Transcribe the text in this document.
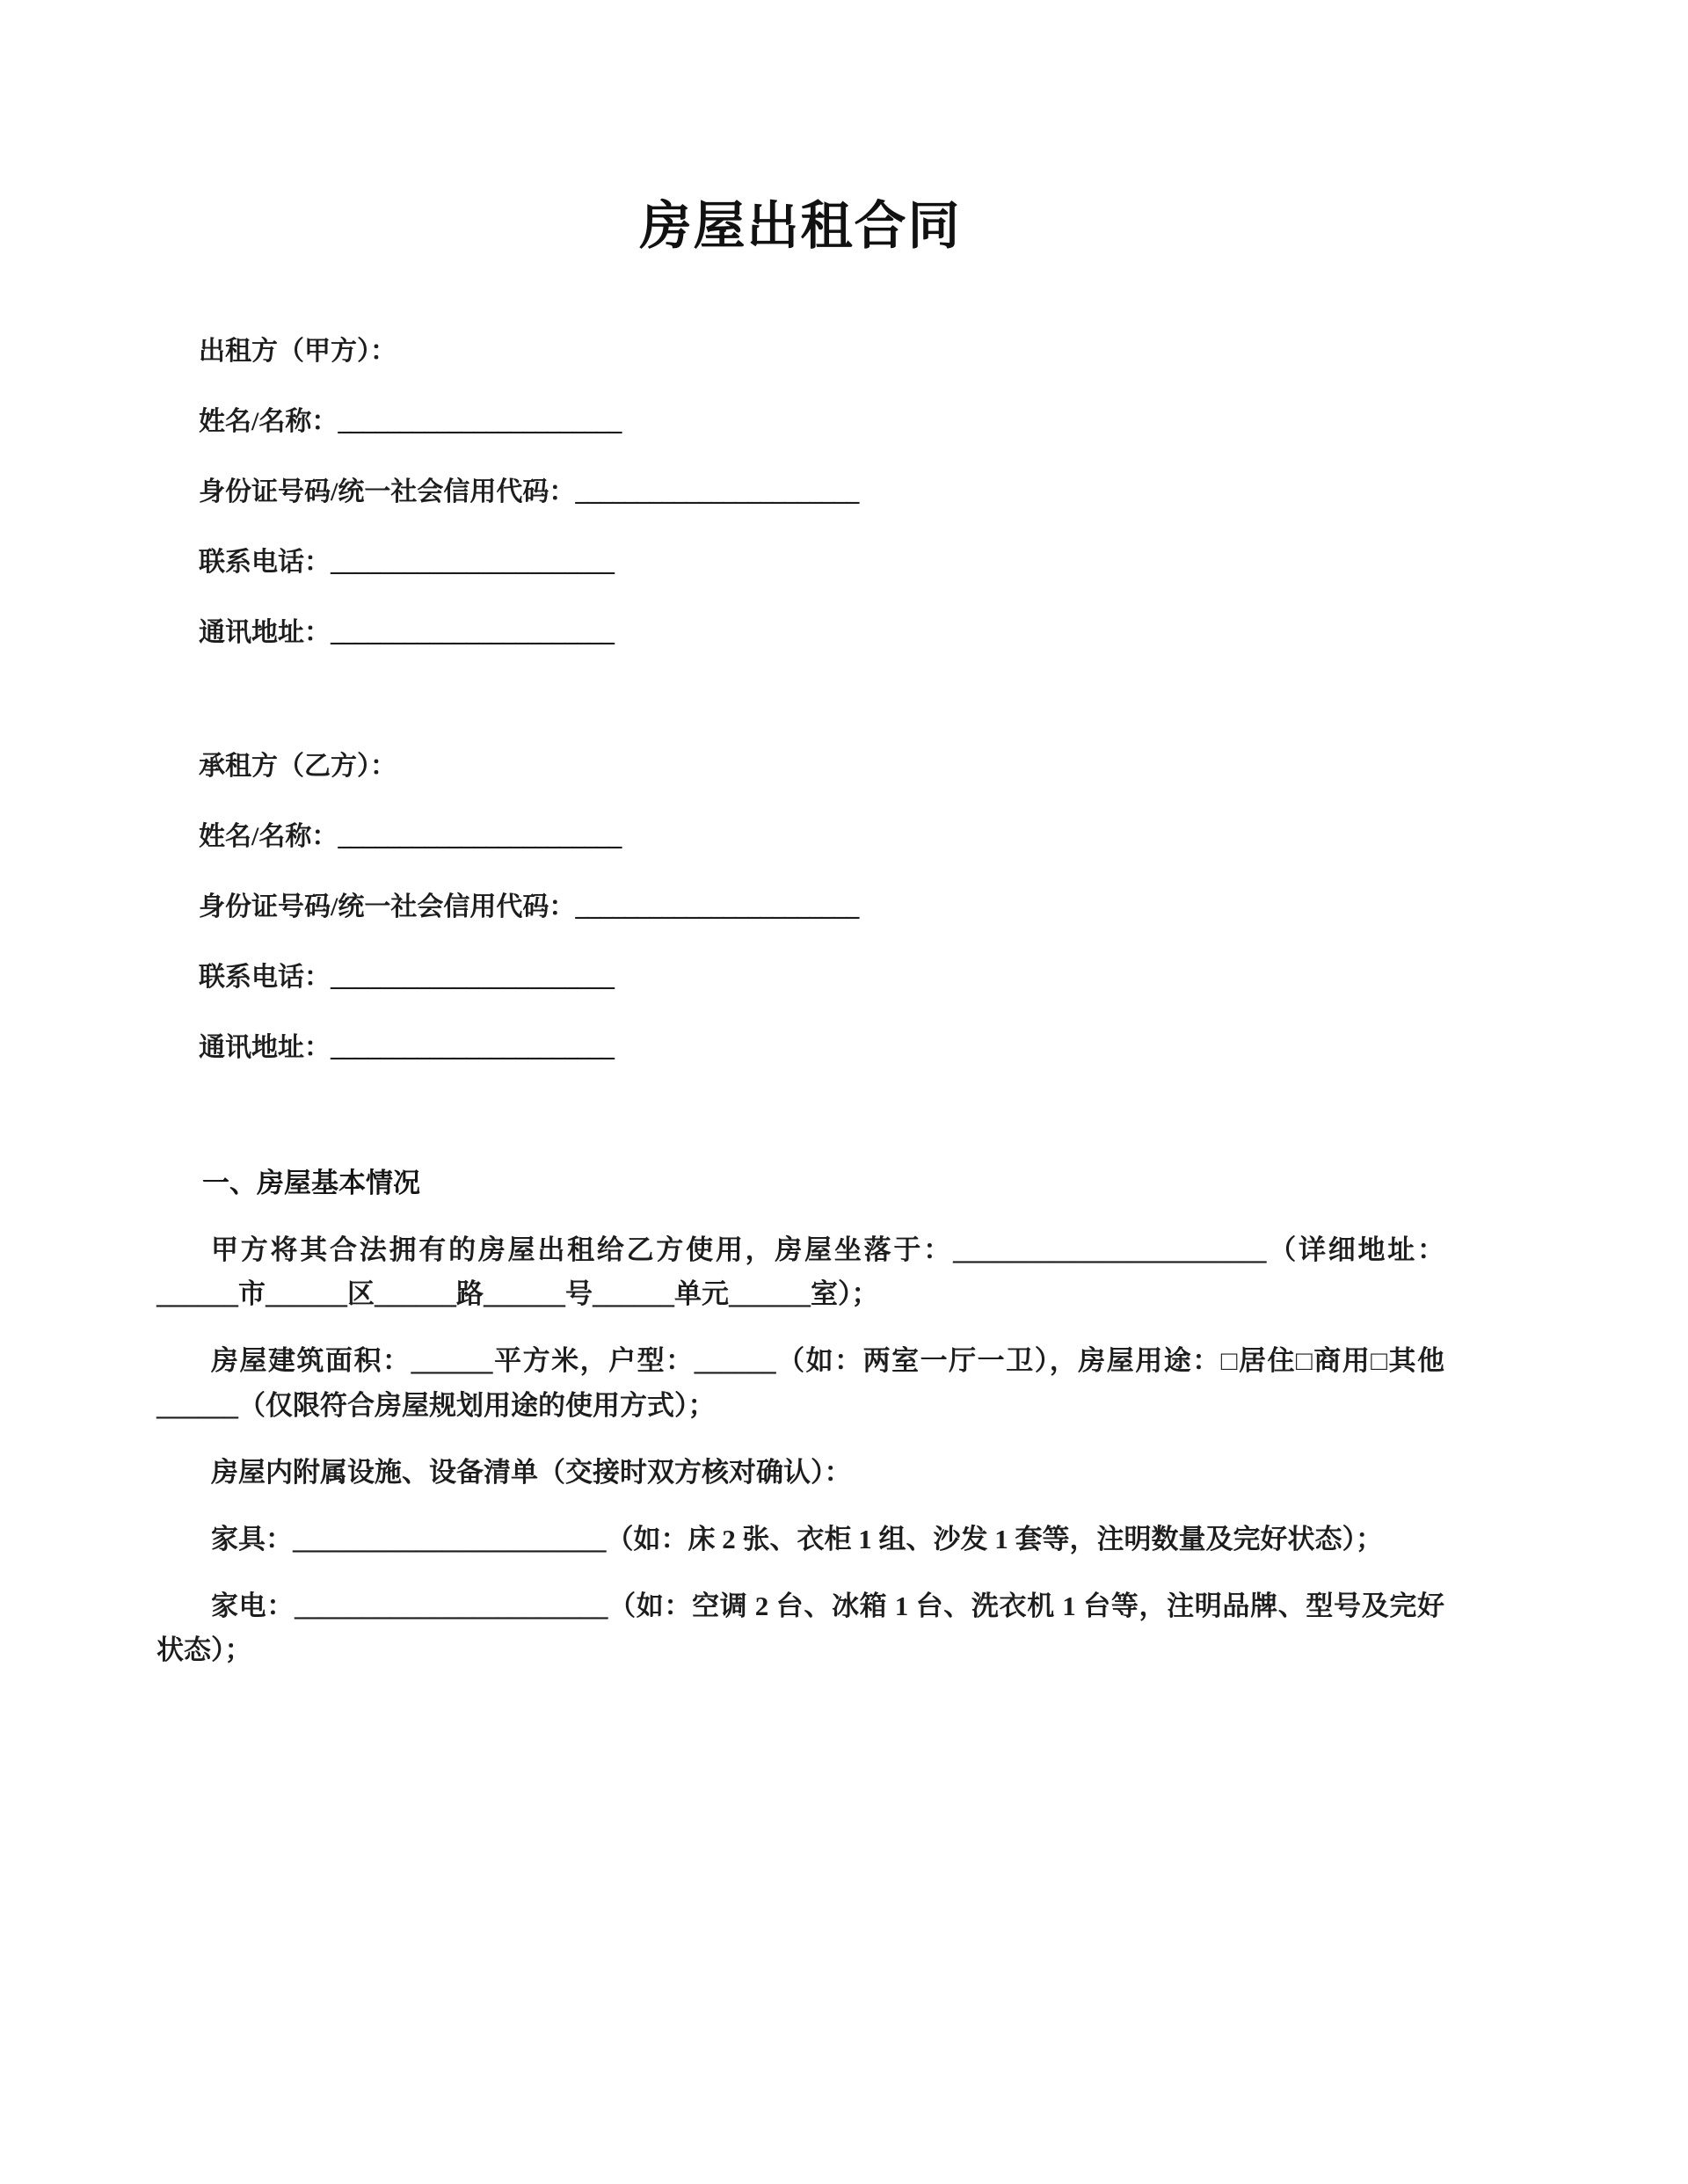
房屋出租合同

出租方（甲方）：

姓名/名称：_______________________

身份证号码/统一社会信用代码：_______________________

联系电话：_______________________

通讯地址：_______________________

承租方（乙方）：

姓名/名称：_______________________

身份证号码/统一社会信用代码：_______________________

联系电话：_______________________

通讯地址：_______________________

一、房屋基本情况

甲方将其合法拥有的房屋出租给乙方使用，房屋坐落于：_______________________（详细地址：______市______区______路______号______单元______室）；

房屋建筑面积：______平方米，户型：______（如：两室一厅一卫），房屋用途：□居住□商用□其他______（仅限符合房屋规划用途的使用方式）；

房屋内附属设施、设备清单（交接时双方核对确认）：

家具：_______________________（如：床 2 张、衣柜 1 组、沙发 1 套等，注明数量及完好状态）；

家电：_______________________（如：空调 2 台、冰箱 1 台、洗衣机 1 台等，注明品牌、型号及完好状态）；
